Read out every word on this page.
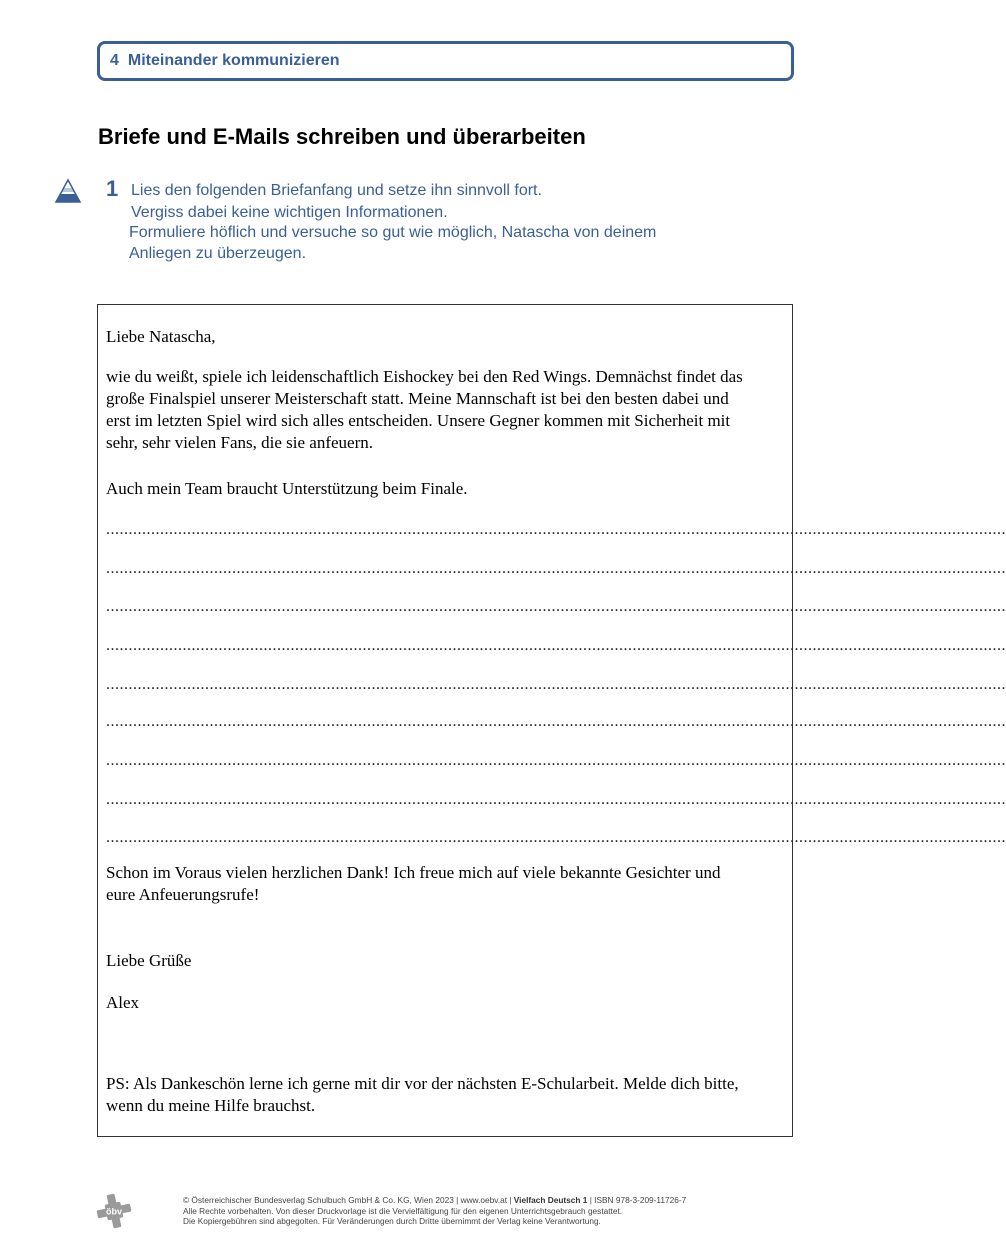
4 Miteinander kommunizieren
Briefe und E-Mails schreiben und überarbeiten
1 Lies den folgenden Briefanfang und setze ihn sinnvoll fort.
Vergiss dabei keine wichtigen Informationen.
Formuliere höflich und versuche so gut wie möglich, Natascha von deinem
Anliegen zu überzeugen.
Liebe Natascha,
wie du weißt, spiele ich leidenschaftlich Eishockey bei den Red Wings. Demnächst findet das
große Finalspiel unserer Meisterschaft statt. Meine Mannschaft ist bei den besten dabei und
erst im letzten Spiel wird sich alles entscheiden. Unsere Gegner kommen mit Sicherheit mit
sehr, sehr vielen Fans, die sie anfeuern.
Auch mein Team braucht Unterstützung beim Finale.
........................................................................................................................................................................................................
........................................................................................................................................................................................................
........................................................................................................................................................................................................
........................................................................................................................................................................................................
........................................................................................................................................................................................................
........................................................................................................................................................................................................
........................................................................................................................................................................................................
........................................................................................................................................................................................................
........................................................................................................................................................................................................
Schon im Voraus vielen herzlichen Dank! Ich freue mich auf viele bekannte Gesichter und
eure Anfeuerungsrufe!
Liebe Grüße
Alex
PS: Als Dankeschön lerne ich gerne mit dir vor der nächsten E-Schularbeit. Melde dich bitte,
wenn du meine Hilfe brauchst.
öbv
© Österreichischer Bundesverlag Schulbuch GmbH & Co. KG, Wien 2023 | www.oebv.at | Vielfach Deutsch 1 | ISBN 978-3-209-11726-7
Alle Rechte vorbehalten. Von dieser Druckvorlage ist die Vervielfältigung für den eigenen Unterrichtsgebrauch gestattet.
Die Kopiergebühren sind abgegolten. Für Veränderungen durch Dritte übernimmt der Verlag keine Verantwortung.
